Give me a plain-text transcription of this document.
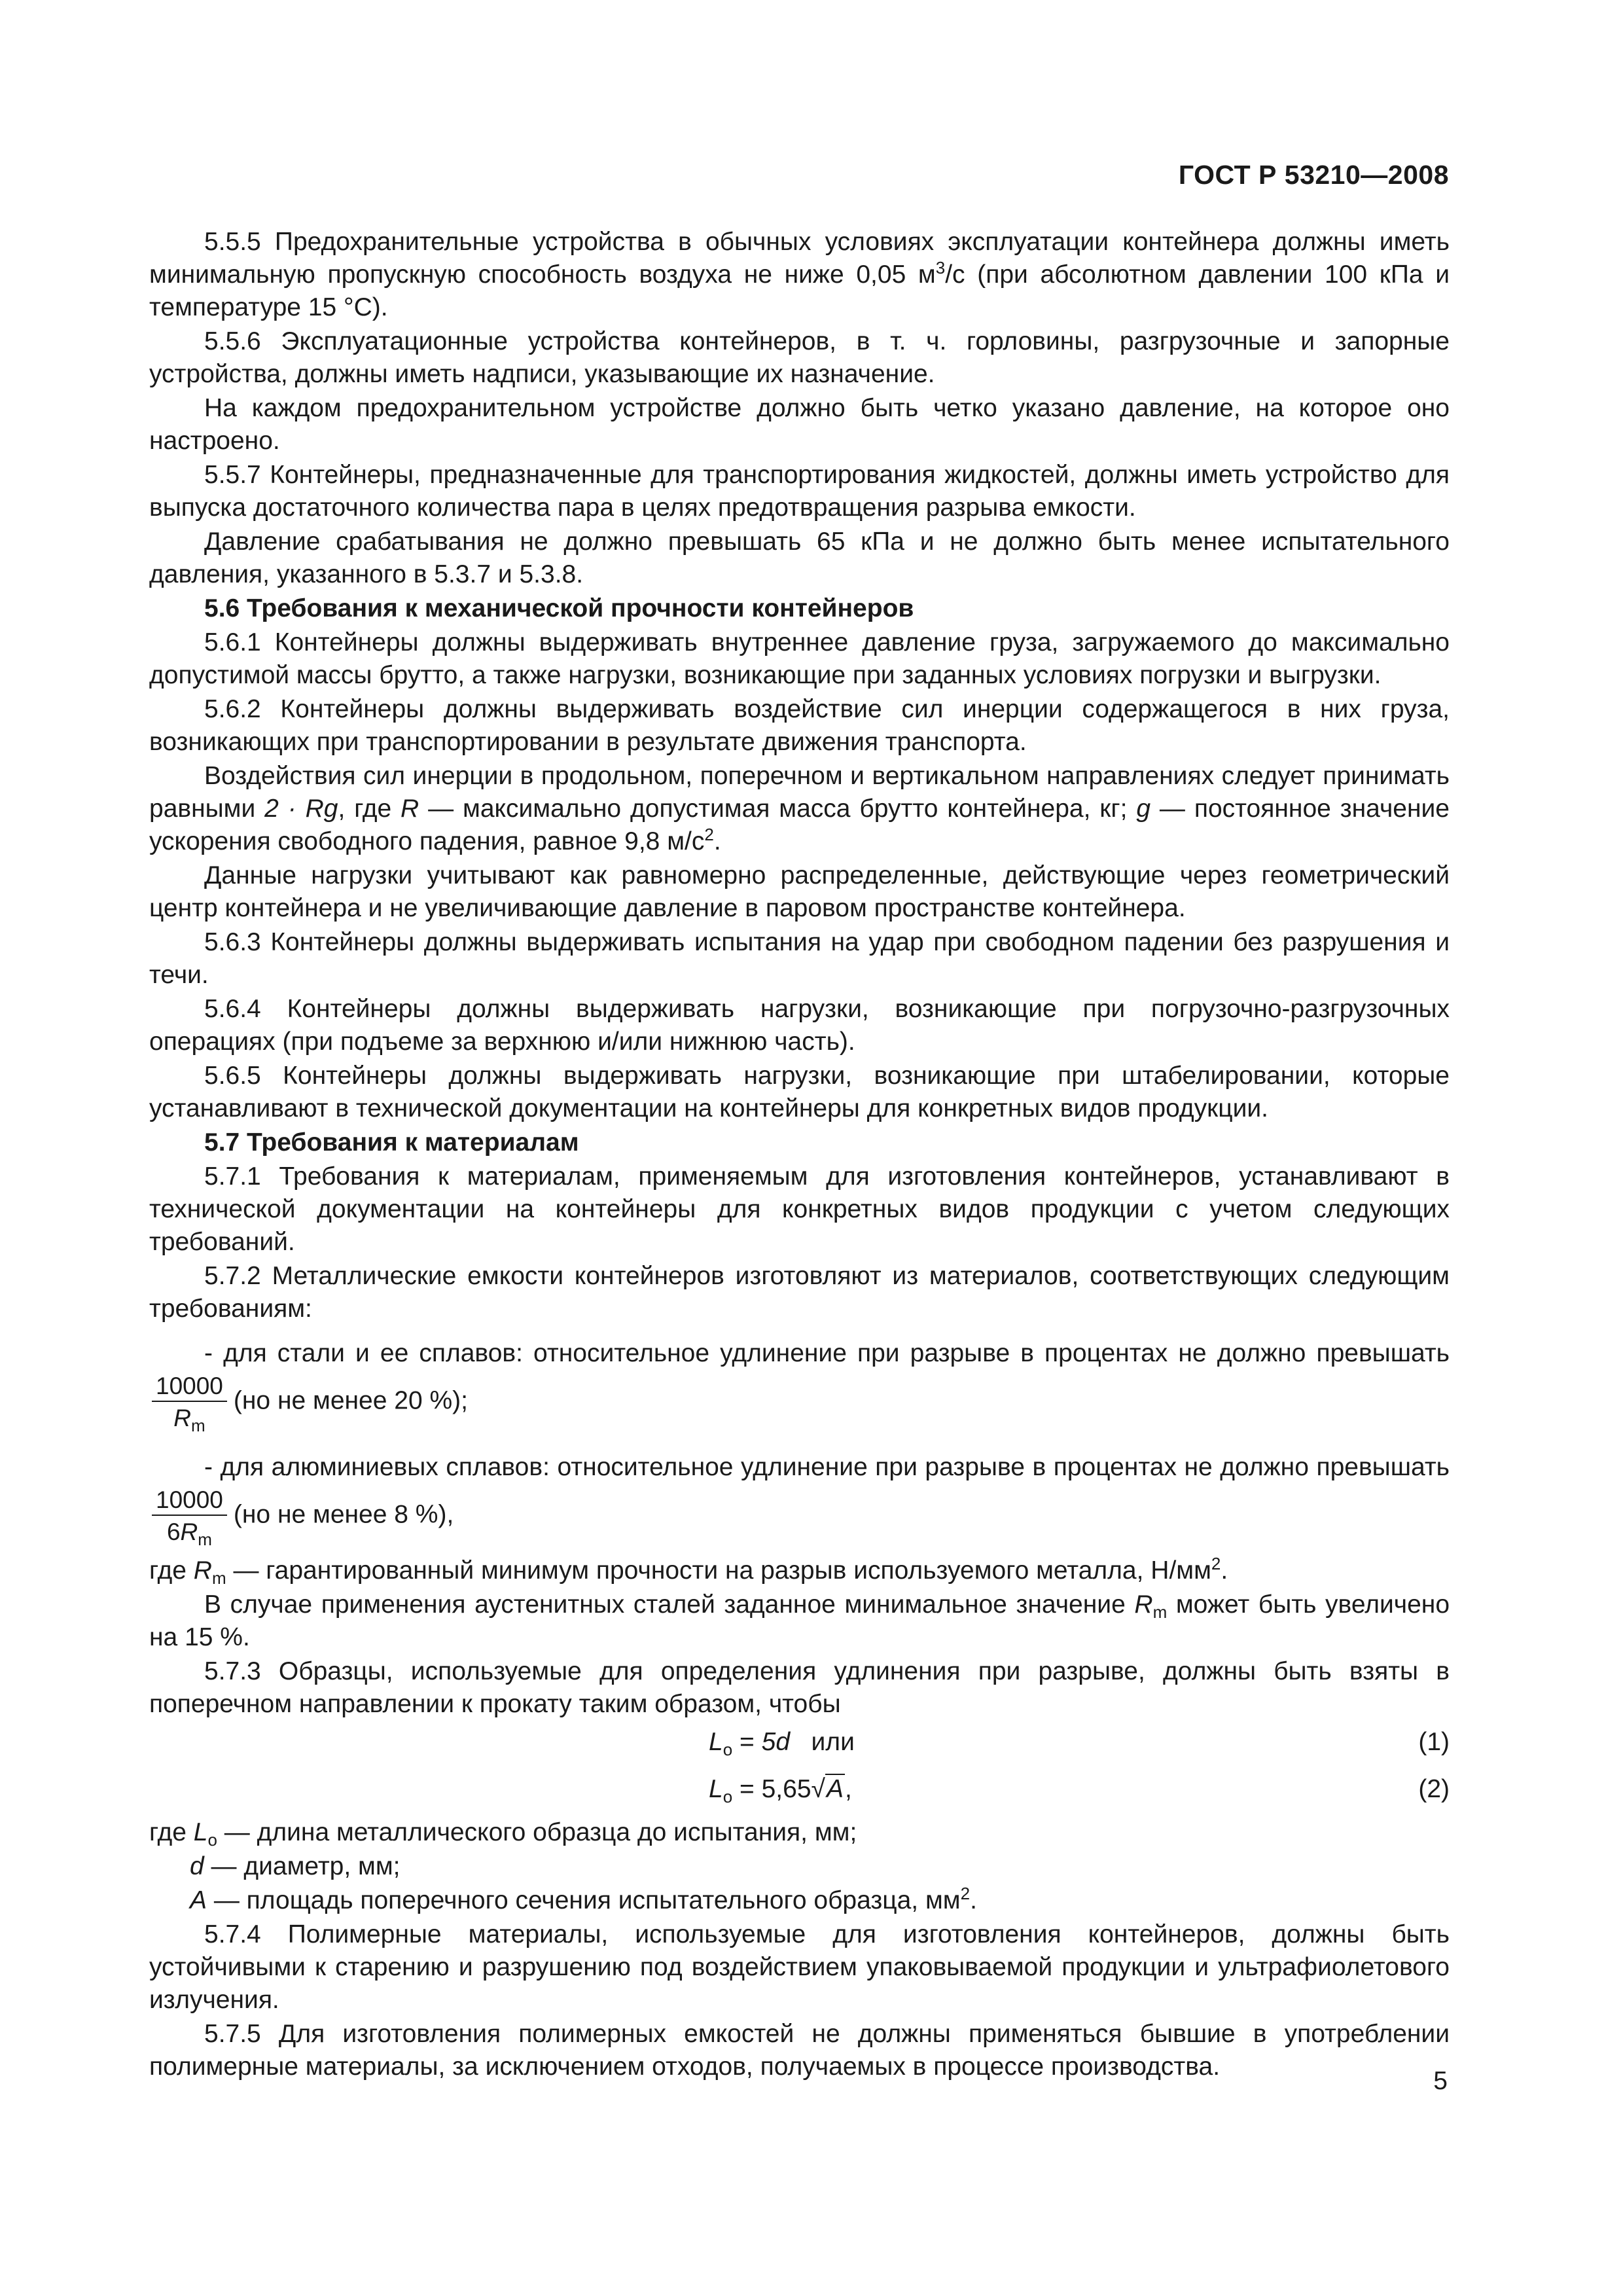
ГОСТ Р 53210—2008

5.5.5 Предохранительные устройства в обычных условиях эксплуатации контейнера должны иметь минимальную пропускную способность воздуха не ниже 0,05 $м^3/с$ (при абсолютном давлении 100 кПа и температуре 15 °С).

5.5.6 Эксплуатационные устройства контейнеров, в т. ч. горловины, разгрузочные и запорные устройства, должны иметь надписи, указывающие их назначение.

На каждом предохранительном устройстве должно быть четко указано давление, на которое оно настроено.

5.5.7 Контейнеры, предназначенные для транспортирования жидкостей, должны иметь устройство для выпуска достаточного количества пара в целях предотвращения разрыва емкости.

Давление срабатывания не должно превышать 65 кПа и не должно быть менее испытательного давления, указанного в 5.3.7 и 5.3.8.

5.6 Требования к механической прочности контейнеров

5.6.1 Контейнеры должны выдерживать внутреннее давление груза, загружаемого до максимально допустимой массы брутто, а также нагрузки, возникающие при заданных условиях погрузки и выгрузки.

5.6.2 Контейнеры должны выдерживать воздействие сил инерции содержащегося в них груза, возникающих при транспортировании в результате движения транспорта.

Воздействия сил инерции в продольном, поперечном и вертикальном направлениях следует принимать равными 2 · Rg, где R — максимально допустимая масса брутто контейнера, кг; g — постоянное значение ускорения свободного падения, равное 9,8 $м/с^2$.

Данные нагрузки учитывают как равномерно распределенные, действующие через геометрический центр контейнера и не увеличивающие давление в паровом пространстве контейнера.

5.6.3 Контейнеры должны выдерживать испытания на удар при свободном падении без разрушения и течи.

5.6.4 Контейнеры должны выдерживать нагрузки, возникающие при погрузочно-разгрузочных операциях (при подъеме за верхнюю и/или нижнюю часть).

5.6.5 Контейнеры должны выдерживать нагрузки, возникающие при штабелировании, которые устанавливают в технической документации на контейнеры для конкретных видов продукции.

5.7 Требования к материалам

5.7.1 Требования к материалам, применяемым для изготовления контейнеров, устанавливают в технической документации на контейнеры для конкретных видов продукции с учетом следующих требований.

5.7.2 Металлические емкости контейнеров изготовляют из материалов, соответствующих следующим требованиям:

- для стали и ее сплавов: относительное удлинение при разрыве в процентах не должно превышать
$\frac{10000}{R_m} (но$ не менее 20 %);

- для алюминиевых сплавов: относительное удлинение при разрыве в процентах не должно превышать
$\frac{10000}{6R_m} (но$ не менее 8 %),

где $R_m$ — гарантированный минимум прочности на разрыв используемого металла, $Н/мм^2$.

В случае применения аустенитных сталей заданное минимальное значение $R_m$ может быть увеличено на 15 %.

5.7.3 Образцы, используемые для определения удлинения при разрыве, должны быть взяты в поперечном направлении к прокату таким образом, чтобы

$L_o = 5d$   или	(1)
$L_o = 5,65√A$,	(2)

где $L_o$ — длина металлического образца до испытания, мм;

d — диаметр, мм;

A — площадь поперечного сечения испытательного образца, $мм^2$.

5.7.4 Полимерные материалы, используемые для изготовления контейнеров, должны быть устойчивыми к старению и разрушению под воздействием упаковываемой продукции и ультрафиолетового излучения.

5.7.5 Для изготовления полимерных емкостей не должны применяться бывшие в употреблении полимерные материалы, за исключением отходов, получаемых в процессе производства.

5
